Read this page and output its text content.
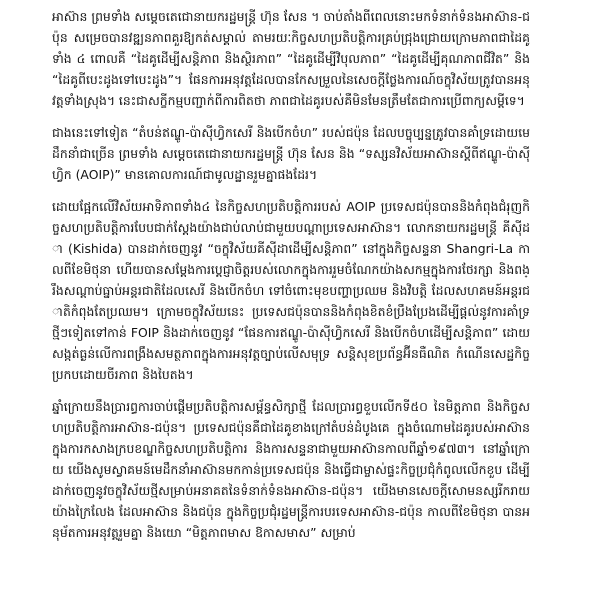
អាស៊ាន ព្រមទាំង សម្តេចតេជោនាយករដ្ឋមន្ត្រី ហ៊ុន សែន ។ ចាប់តាំងពីពេលនោះមកទំនាក់ទំនងអាស៊ាន-ជប៉ុន សម្រេចបានវឌ្ឍនភាពគួរឱ្យកត់សម្គាល់ តាមរយៈកិច្ចសហប្រតិបត្តិការគ្រប់ជ្រុងជ្រោយក្រោមភាពជាដៃគូទាំង ៤ ពោលគឺ “ដៃគូដើម្បីសន្តិភាព និងស្ថិរភាព” “ដៃគូដើម្បីវិបុលភាព” “ដៃគូដើម្បីគុណភាពជីវិត” និង “ដៃគូពីបេះដូងទៅបេះដូង”។ ផែនការអនុវត្តដែលបានកែសម្រួលនៃសេចក្តីថ្លែងការណ៍ចក្ខុវិស័យត្រូវបានអនុវត្តទាំងស្រុង។ នេះជាសក្ខីកម្មបញ្ជាក់ពីការពិតថា ភាពជាដៃគូរបស់គឺមិនមែនត្រឹមតែជាការប្រើពាក្យសម្តីទេ។

ជាងនេះទៅទៀត “តំបន់ឥណ្ឌូ-ប៉ាស៊ីហ្វិកសេរី និងបើកចំហ” របស់ជប៉ុន ដែលបច្ចុប្បន្នត្រូវបានគាំទ្រដោយមេដឹកនាំជាច្រើន ព្រមទាំង សម្តេចតេជោនាយករដ្ឋមន្ត្រី ហ៊ុន សែន និង “ទស្សនវិស័យអាស៊ានស្តីពីឥណ្ឌូ-ប៉ាស៊ីហ្វិក (AOIP)” មានគោលការណ៍ជាមូលដ្ឋានរួមគ្នាផងដែរ។

ដោយផ្អែកលើវិស័យអាទិភាពទាំង៤ នៃកិច្ចសហប្រតិបត្តិការរបស់ AOIP ប្រទេសជប៉ុនបាននិងកំពុងជំរុញកិច្ចសហប្រតិបត្តិការបែបជាក់ស្តែងយ៉ាងជាប់លាប់ជាមួយបណ្តាប្រទេសអាស៊ាន។ លោកនាយករដ្ឋមន្ត្រី គីស៊ីដា (Kishida) បានដាក់ចេញនូវ “ចក្ខុវិស័យគីស៊ីដាដើម្បីសន្តិភាព” នៅក្នុងកិច្ចសន្ទនា Shangri-La កាលពីខែមិថុនា ហើយបានសម្តែងការប្តេជ្ញាចិត្តរបស់លោកក្នុងការរួមចំណែកយ៉ាងសកម្មក្នុងការថែរក្សា និងពង្រឹងសណ្តាប់ធ្នាប់អន្តរជាតិដែលសេរី និងបើកចំហ ទៅចំពោះមុខបញ្ហាប្រឈម និងវិបត្តិ ដែលសហគមន៍អន្តរជាតិកំពុងតែប្រឈម។ ក្រោមចក្ខុវិស័យនេះ ប្រទេសជប៉ុនបាននិងកំពុងខិតខំប្រឹងប្រែងដើម្បីផ្តល់នូវការគាំទ្រថ្មីៗទៀតទៅកាន់ FOIP និងដាក់ចេញនូវ “ផែនការឥណ្ឌូ-ប៉ាស៊ីហ្វិកសេរី និងបើកចំហដើម្បីសន្តិភាព” ដោយសង្កត់ធ្ងន់លើការពង្រឹងសមត្ថភាពក្នុងការអនុវត្តច្បាប់លើសមុទ្រ សន្តិសុខប្រព័ន្ធអ៊ីនធឺណិត កំណើនសេដ្ឋកិច្ចប្រកបដោយចីរភាព និងបៃតង។

ឆ្នាំក្រោយនឹងប្រារព្ធការចាប់ផ្តើមប្រតិបត្តិការសម្ព័ន្ធសិក្សាថ្មី ដែលប្រារព្ធខួបលើកទី៥០ នៃមិត្តភាព និងកិច្ចសហប្រតិបត្តិការអាស៊ាន-ជប៉ុន។ ប្រទេសជប៉ុនគឺជាដៃគូខាងក្រៅតំបន់ដំបូងគេ ក្នុងចំណោមដៃគូរបស់អាស៊ាន ក្នុងការកសាងក្របខណ្ឌកិច្ចសហប្រតិបត្តិការ និងការសន្ទនាជាមួយអាស៊ានកាលពីឆ្នាំ១៩៧៣។ នៅឆ្នាំក្រោយ យើងសូមស្វាគមន៍មេដឹកនាំអាស៊ានមកកាន់ប្រទេសជប៉ុន និងធ្វើជាម្ចាស់ផ្ទះកិច្ចប្រជុំកំពូលលើកខួប ដើម្បីដាក់ចេញនូវចក្ខុវិស័យថ្មីសម្រាប់អនាគតនៃទំនាក់ទំនងអាស៊ាន-ជប៉ុន។ យើងមានសេចក្តីសោមនស្សរីករាយយ៉ាងក្រៃលែង ដែលអាស៊ាន និងជប៉ុន ក្នុងកិច្ចប្រជុំរដ្ឋមន្ត្រីការបរទេសអាស៊ាន-ជប៉ុន កាលពីខែមិថុនា បានអនុម័តការអនុវត្តរួមគ្នា និងយោ “មិត្តភាពមាស ឱកាសមាស” សម្រាប់
